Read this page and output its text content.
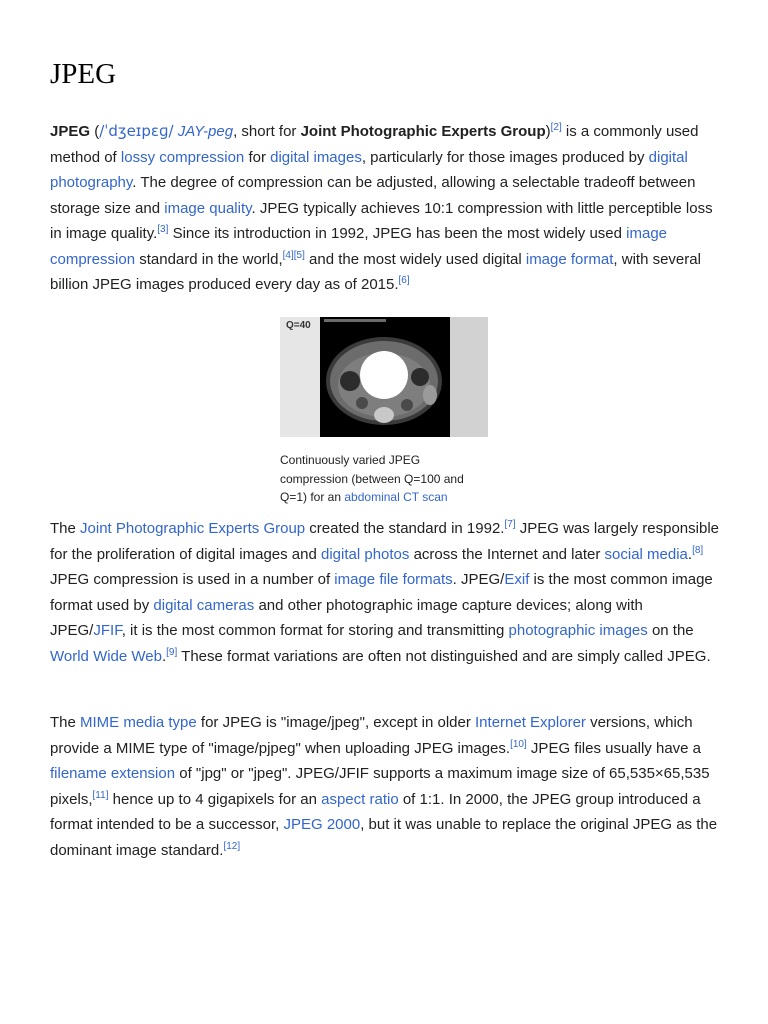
JPEG

JPEG (/ˈdʒeɪpɛɡ/ JAY-peg, short for Joint Photographic Experts Group)[2] is a commonly used method of lossy compression for digital images, particularly for those images produced by digital photography. The degree of compression can be adjusted, allowing a selectable tradeoff between storage size and image quality. JPEG typically achieves 10:1 compression with little perceptible loss in image quality.[3] Since its introduction in 1992, JPEG has been the most widely used image compression standard in the world,[4][5] and the most widely used digital image format, with several billion JPEG images produced every day as of 2015.[6]

Q=40
Continuously varied JPEG compression (between Q=100 and Q=1) for an abdominal CT scan

The Joint Photographic Experts Group created the standard in 1992.[7] JPEG was largely responsible for the proliferation of digital images and digital photos across the Internet and later social media.[8] JPEG compression is used in a number of image file formats. JPEG/Exif is the most common image format used by digital cameras and other photographic image capture devices; along with JPEG/JFIF, it is the most common format for storing and transmitting photographic images on the World Wide Web.[9] These format variations are often not distinguished and are simply called JPEG.

The MIME media type for JPEG is "image/jpeg", except in older Internet Explorer versions, which provide a MIME type of "image/pjpeg" when uploading JPEG images.[10] JPEG files usually have a filename extension of "jpg" or "jpeg". JPEG/JFIF supports a maximum image size of 65,535×65,535 pixels,[11] hence up to 4 gigapixels for an aspect ratio of 1:1. In 2000, the JPEG group introduced a format intended to be a successor, JPEG 2000, but it was unable to replace the original JPEG as the dominant image standard.[12]
